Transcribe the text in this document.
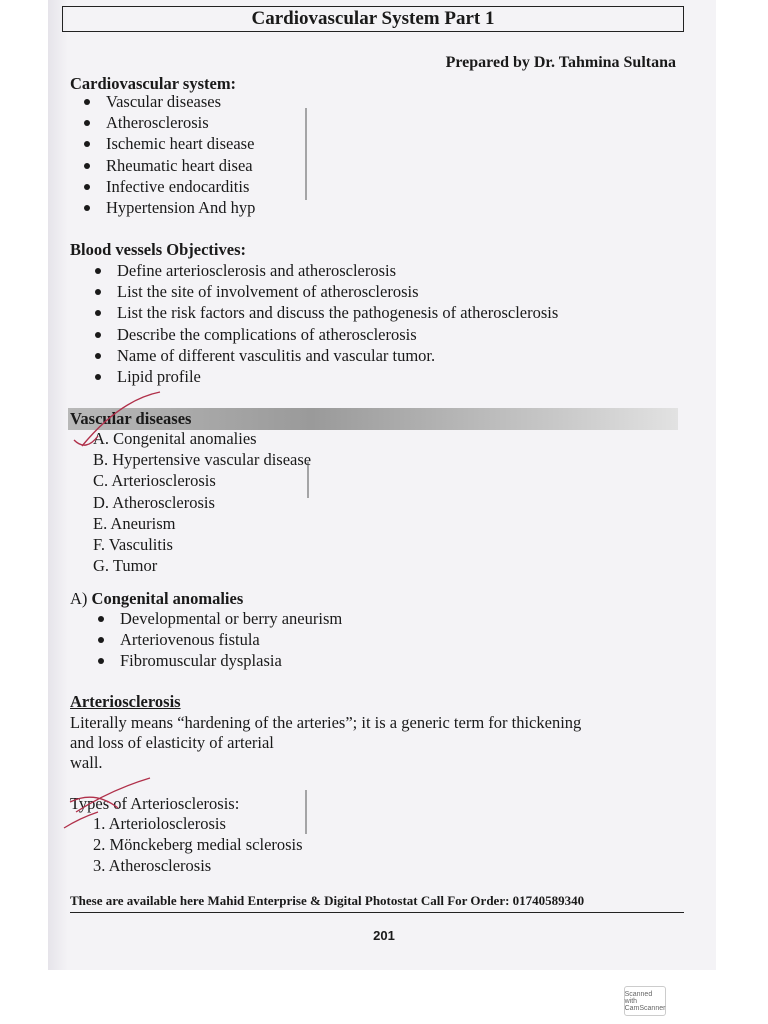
Cardiovascular System Part 1
Prepared by Dr. Tahmina Sultana
Cardiovascular system:
Vascular diseases
Atherosclerosis
Ischemic heart disease
Rheumatic heart disea
Infective endocarditis
Hypertension And hyp
Blood vessels Objectives:
Define arteriosclerosis and atherosclerosis
List the site of involvement of atherosclerosis
List the risk factors and discuss the pathogenesis of atherosclerosis
Describe the complications of atherosclerosis
Name of different vasculitis and vascular tumor.
Lipid profile
Vascular diseases
A. Congenital anomalies
B. Hypertensive vascular disease
C. Arteriosclerosis
D. Atherosclerosis
E. Aneurism
F. Vasculitis
G. Tumor
A) Congenital anomalies
Developmental or berry aneurism
Arteriovenous fistula
Fibromuscular dysplasia
Arteriosclerosis
Literally means “hardening of the arteries”; it is a generic term for thickening
and loss of elasticity of arterial
wall.
Types of Arteriosclerosis:
1. Arteriolosclerosis
2. Mönckeberg medial sclerosis
3. Atherosclerosis
These are available here Mahid Enterprise & Digital Photostat Call For Order: 01740589340
201
Scanned with CamScanner
